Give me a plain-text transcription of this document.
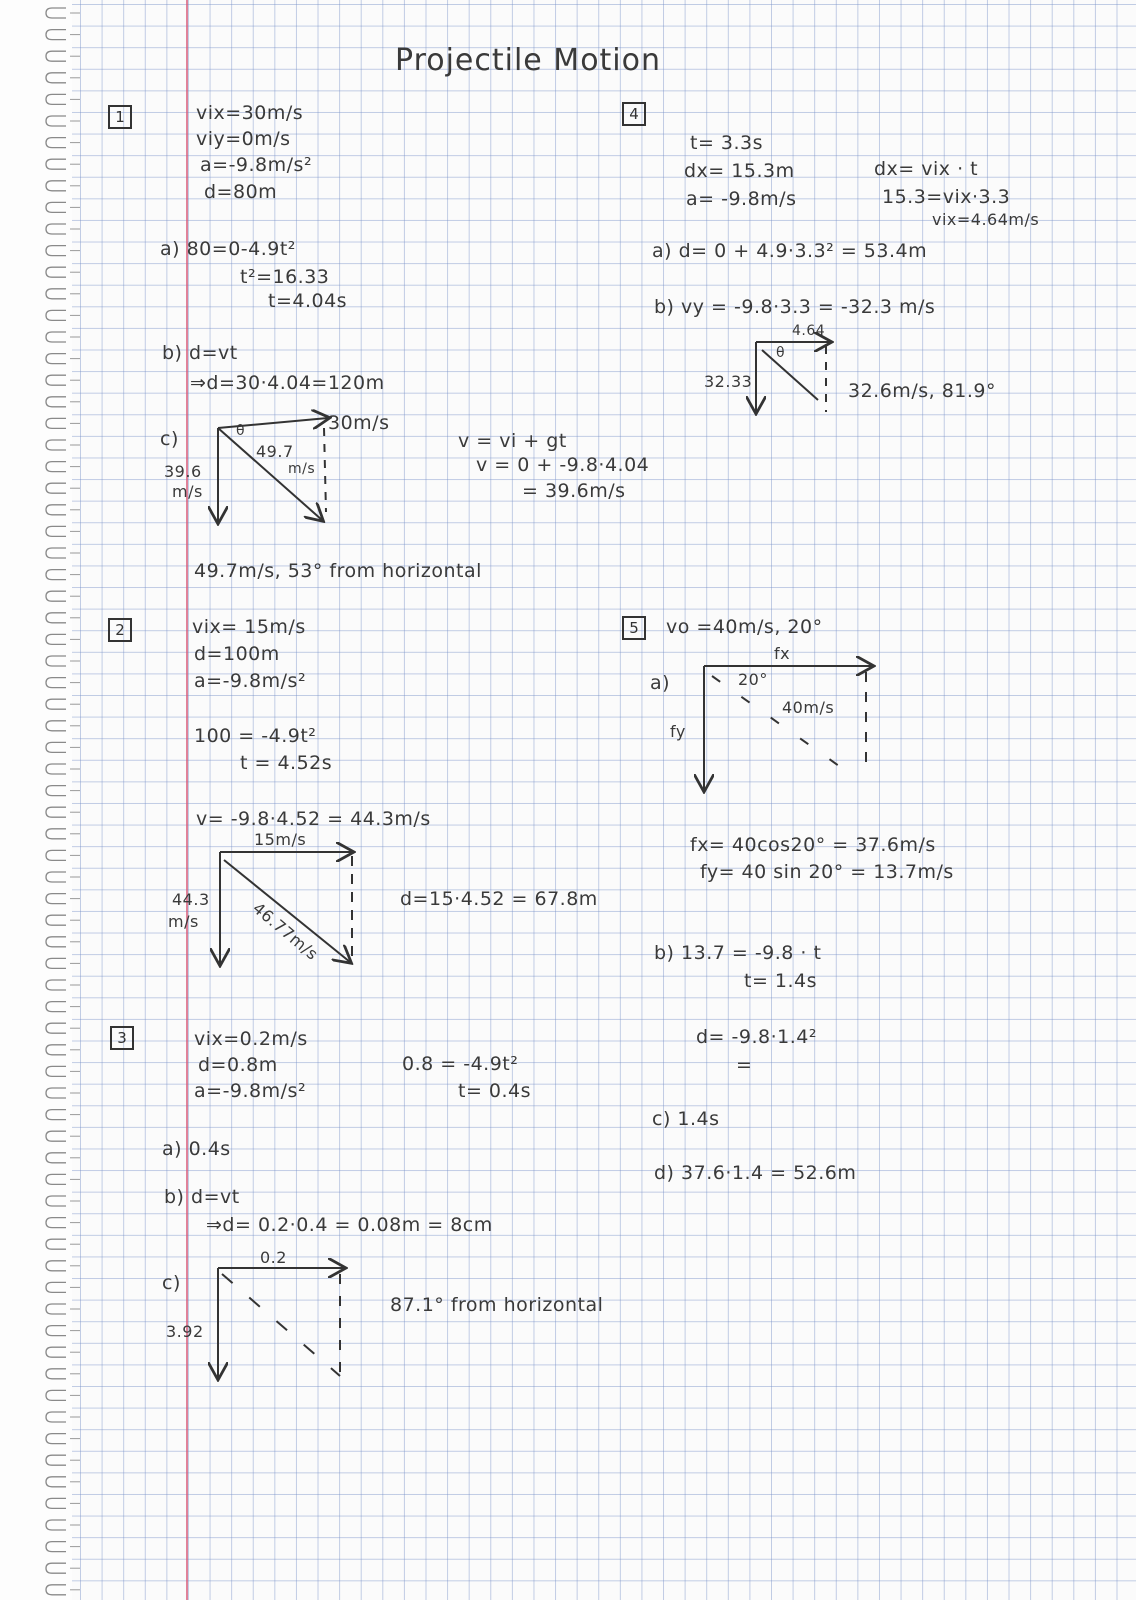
Projectile Motion
1	vix=30m/s
viy=0m/s
a=-9.8m/s²
d=80m
a) 80=0-4.9t²
t²=16.33
t=4.04s
b) d=vt
⇒d=30·4.04=120m
c)
30m/s
39.6
m/s
49.7
m/s
θ	v = vi + gt
v = 0 + -9.8·4.04
= 39.6m/s
49.7m/s, 53° from horizontal
2	vix= 15m/s
d=100m
a=-9.8m/s²
100 = -4.9t²
t = 4.52s
v= -9.8·4.52 = 44.3m/s
15m/s
44.3
m/s	46.77m/s	d=15·4.52 = 67.8m
3	vix=0.2m/s
d=0.8m
a=-9.8m/s²
0.8 = -4.9t²
t= 0.4s
a) 0.4s
b) d=vt
⇒d= 0.2·0.4 = 0.08m = 8cm
c)
0.2
3.92
87.1° from horizontal
4
t= 3.3s
dx= 15.3m
a= -9.8m/s
dx= vix · t
15.3=vix·3.3
vix=4.64m/s
a) d= 0 + 4.9·3.3² = 53.4m
b) vy = -9.8·3.3 = -32.3 m/s
4.64
32.33
θ
32.6m/s, 81.9°
5	vo =40m/s, 20°
fx
a)
fy
20°
40m/s
fx= 40cos20° = 37.6m/s
fy= 40 sin 20° = 13.7m/s
b) 13.7 = -9.8 · t
t= 1.4s
d= -9.8·1.4²
=
c) 1.4s
d) 37.6·1.4 = 52.6m
